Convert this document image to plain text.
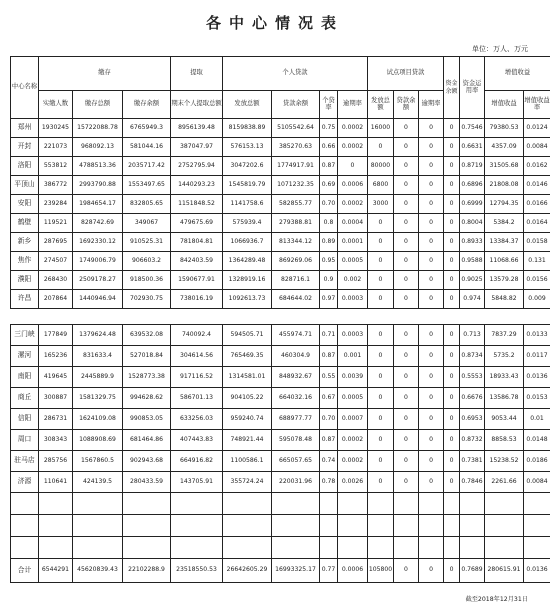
各中心情况表
单位：万人、万元
中心名称	缴存			提取	个人贷款				试点项目贷款			资金余额	资金运用率	增值收益	
	实缴人数	缴存总额	缴存余额	期末个人提取总额	发放总额	贷款余额	个贷率	逾期率	发放总额	贷款余额	逾期率			增值收益	增值收益率
郑州	1930245	15722088.78	6765949.3	8956139.48	8159838.89	5105542.64	0.75	0.0002	16000	0	0	0	0.7546	79380.53	0.0124
开封	221073	968092.13	581044.16	387047.97	576153.13	385270.63	0.66	0.0002	0	0	0	0	0.6631	4357.09	0.0084
洛阳	553812	4788513.36	2035717.42	2752795.94	3047202.6	1774917.91	0.87	0	80000	0	0	0	0.8719	31505.68	0.0162
平顶山	386772	2993790.88	1553497.65	1440293.23	1545819.79	1071232.35	0.69	0.0006	6800	0	0	0	0.6896	21808.08	0.0146
安阳	239284	1984654.17	832805.65	1151848.52	1141758.6	582855.77	0.70	0.0002	3000	0	0	0	0.6999	12794.35	0.0166
鹤壁	119521	828742.69	349067	479675.69	575939.4	279388.81	0.8	0.0004	0	0	0	0	0.8004	5384.2	0.0164
新乡	287695	1692330.12	910525.31	781804.81	1066936.7	813344.12	0.89	0.0001	0	0	0	0	0.8933	13384.37	0.0158
焦作	274507	1749006.79	906603.2	842403.59	1364289.48	869269.06	0.95	0.0005	0	0	0	0	0.9588	11068.66	0.131
濮阳	268430	2509178.27	918500.36	1590677.91	1328919.16	828716.1	0.9	0.002	0	0	0	0	0.9025	13579.28	0.0156
许昌	207864	1440946.94	702930.75	738016.19	1092613.73	684644.02	0.97	0.0003	0	0	0	0	0.974	5848.82	0.009

三门峡	177849	1379624.48	639532.08	740092.4	594505.71	455974.71	0.71	0.0003	0	0	0	0	0.713	7837.29	0.0133
漯河	165236	831633.4	527018.84	304614.56	765469.35	460304.9	0.87	0.001	0	0	0	0	0.8734	5735.2	0.0117
南阳	419645	2445889.9	1528773.38	917116.52	1314581.01	848932.67	0.55	0.0039	0	0	0	0	0.5553	18933.43	0.0136
商丘	300887	1581329.75	994628.62	586701.13	904105.22	664032.16	0.67	0.0005	0	0	0	0	0.6676	13586.78	0.0153
信阳	286731	1624109.08	990853.05	633256.03	959240.74	688977.77	0.70	0.0007	0	0	0	0	0.6953	9053.44	0.01
周口	308343	1088908.69	681464.86	407443.83	748921.44	595078.48	0.87	0.0002	0	0	0	0	0.8732	8858.53	0.0148
驻马店	285756	1567860.5	902943.68	664916.82	1100586.1	665057.65	0.74	0.0002	0	0	0	0	0.7381	15238.52	0.0186
济源	110641	424139.5	280433.59	143705.91	355724.24	220031.96	0.78	0.0026	0	0	0	0	0.7846	2261.66	0.0084

合计	6544291	45620839.43	22102288.9	23518550.53	26642605.29	16993325.17	0.77	0.0006	105800	0	0	0	0.7689	280615.91	0.0136
截至2018年12月31日
